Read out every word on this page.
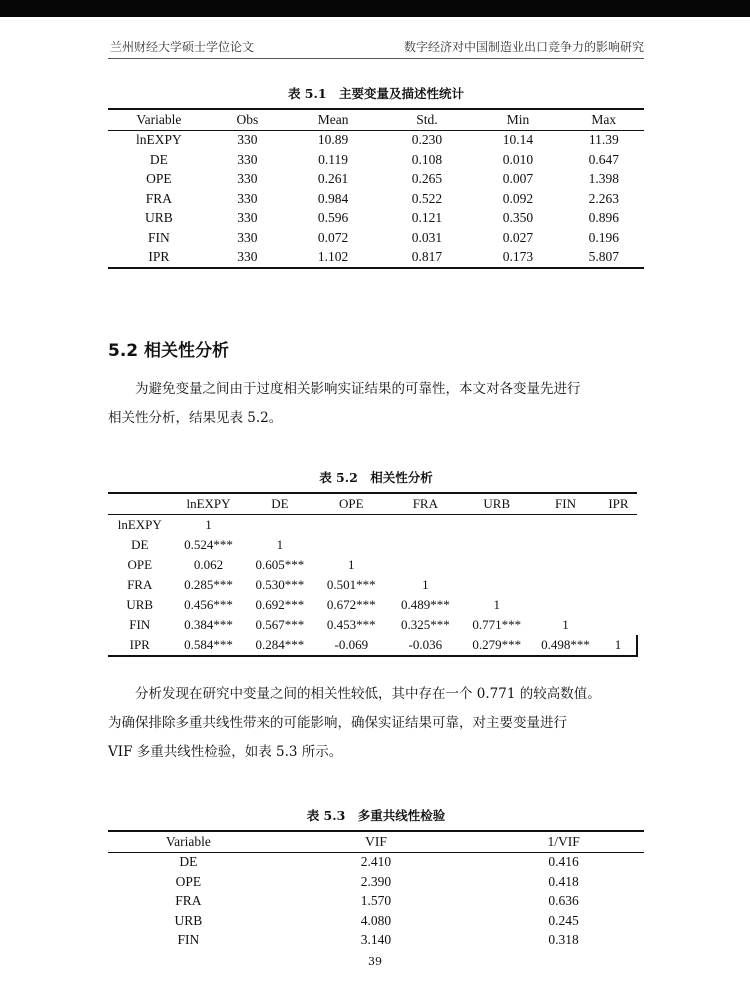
兰州财经大学硕士学位论文	数字经济对中国制造业出口竞争力的影响研究
表 5.1　主要变量及描述性统计
Variable	Obs	Mean	Std.	Min	Max
lnEXPY	330	10.89	0.230	10.14	11.39
DE	330	0.119	0.108	0.010	0.647
OPE	330	0.261	0.265	0.007	1.398
FRA	330	0.984	0.522	0.092	2.263
URB	330	0.596	0.121	0.350	0.896
FIN	330	0.072	0.031	0.027	0.196
IPR	330	1.102	0.817	0.173	5.807
5.2 相关性分析
为避免变量之间由于过度相关影响实证结果的可靠性，本文对各变量先进行
相关性分析，结果见表 5.2。
表 5.2　相关性分析
	lnEXPY	DE	OPE	FRA	URB	FIN	IPR
lnEXPY	1						
DE	0.524***	1					
OPE	0.062	0.605***	1				
FRA	0.285***	0.530***	0.501***	1			
URB	0.456***	0.692***	0.672***	0.489***	1		
FIN	0.384***	0.567***	0.453***	0.325***	0.771***	1	
IPR	0.584***	0.284***	-0.069	-0.036	0.279***	0.498***	1
分析发现在研究中变量之间的相关性较低，其中存在一个 0.771 的较高数值。
为确保排除多重共线性带来的可能影响，确保实证结果可靠，对主要变量进行
VIF 多重共线性检验，如表 5.3 所示。
表 5.3　多重共线性检验
Variable	VIF	1/VIF
DE	2.410	0.416
OPE	2.390	0.418
FRA	1.570	0.636
URB	4.080	0.245
FIN	3.140	0.318
39
